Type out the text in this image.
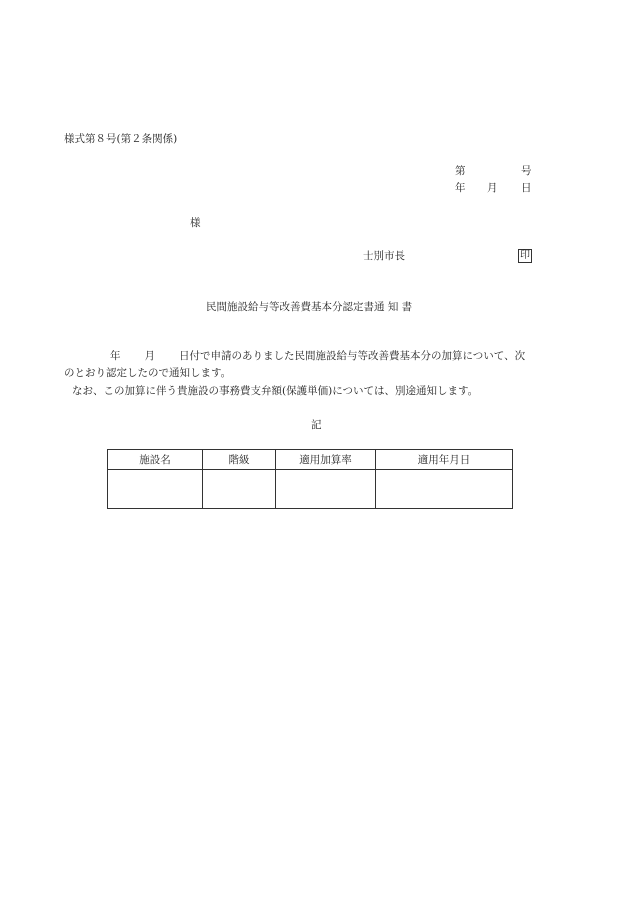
様式第８号(第２条関係)
第	号
年 月 日
様
士別市長	印
民間施設給与等改善費基本分認定書通 知 書
年 月 日付で申請のありました民間施設給与等改善費基本分の加算について、次
のとおり認定したので通知します。
なお、この加算に伴う貴施設の事務費支弁額(保護単価)については、別途通知します。
記
施設名	階級	適用加算率	適用年月日
